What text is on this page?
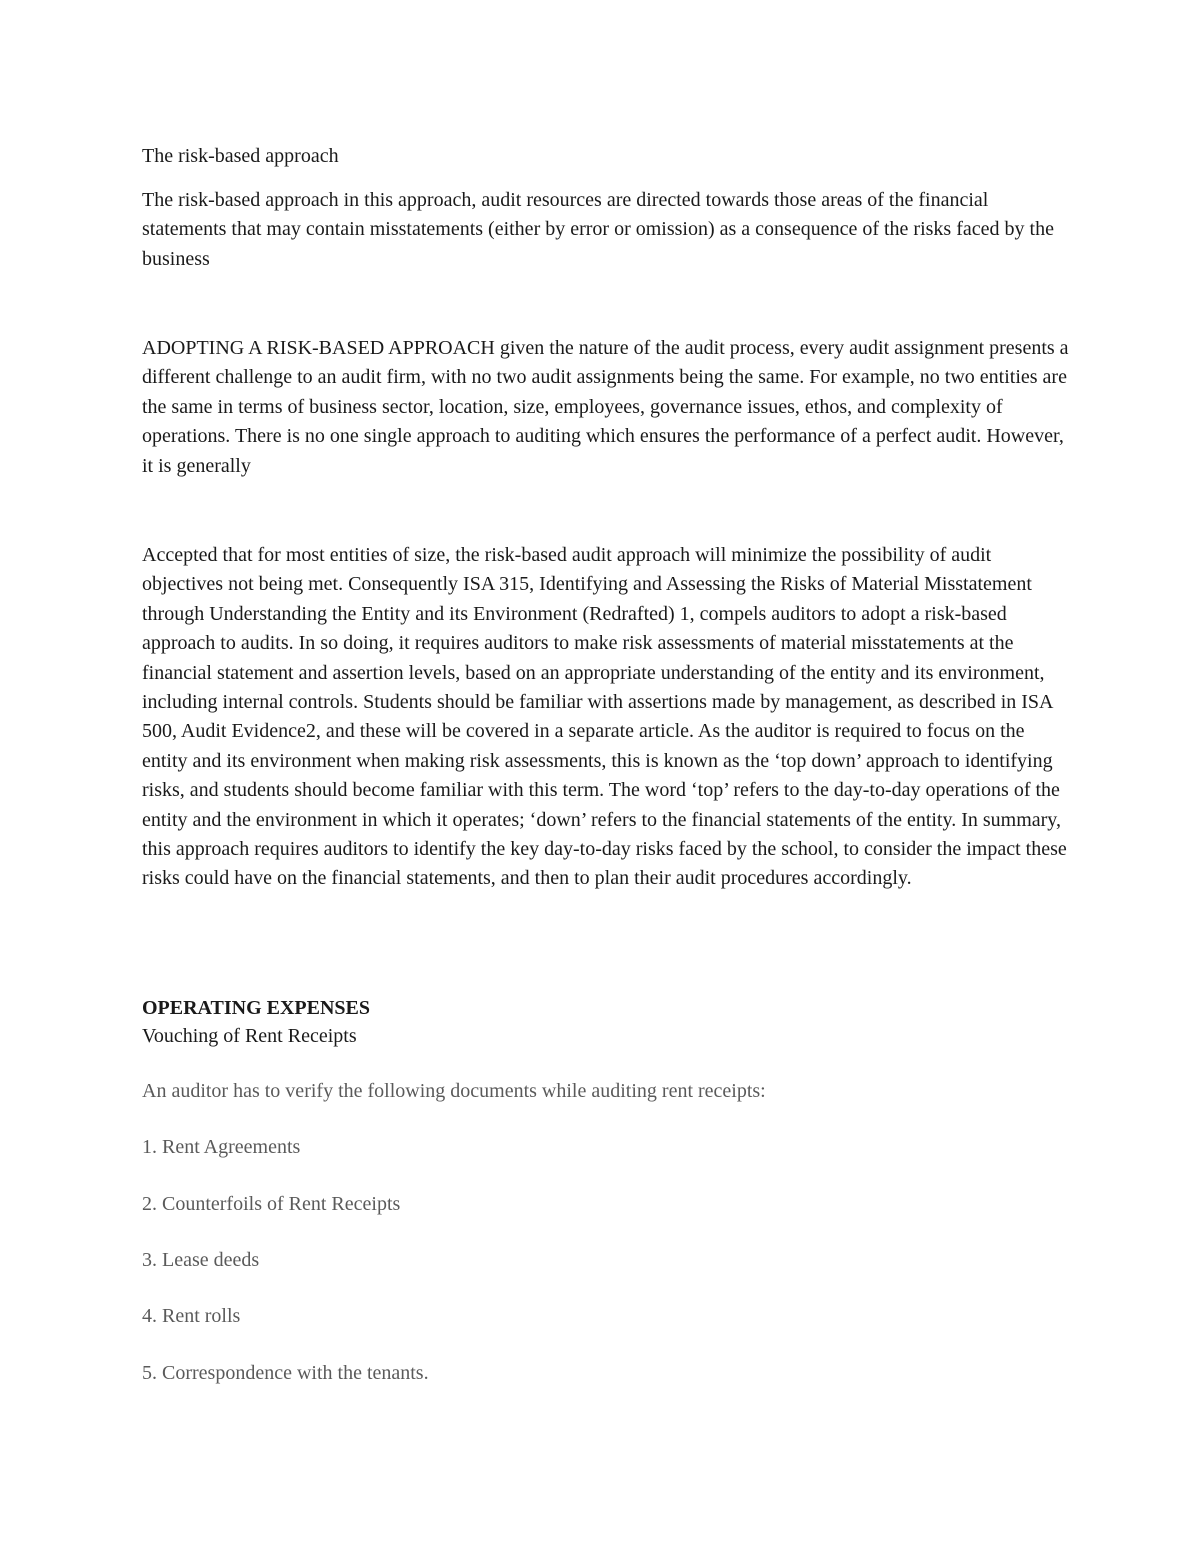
The risk-based approach

The risk-based approach in this approach, audit resources are directed towards those areas of the financial statements that may contain misstatements (either by error or omission) as a consequence of the risks faced by the business

ADOPTING A RISK-BASED APPROACH given the nature of the audit process, every audit assignment presents a different challenge to an audit firm, with no two audit assignments being the same. For example, no two entities are the same in terms of business sector, location, size, employees, governance issues, ethos, and complexity of operations. There is no one single approach to auditing which ensures the performance of a perfect audit. However, it is generally

Accepted that for most entities of size, the risk-based audit approach will minimize the possibility of audit objectives not being met. Consequently ISA 315, Identifying and Assessing the Risks of Material Misstatement through Understanding the Entity and its Environment (Redrafted) 1, compels auditors to adopt a risk-based approach to audits. In so doing, it requires auditors to make risk assessments of material misstatements at the financial statement and assertion levels, based on an appropriate understanding of the entity and its environment, including internal controls. Students should be familiar with assertions made by management, as described in ISA 500, Audit Evidence2, and these will be covered in a separate article. As the auditor is required to focus on the entity and its environment when making risk assessments, this is known as the ‘top down’ approach to identifying risks, and students should become familiar with this term. The word ‘top’ refers to the day-to-day operations of the entity and the environment in which it operates; ‘down’ refers to the financial statements of the entity. In summary, this approach requires auditors to identify the key day-to-day risks faced by the school, to consider the impact these risks could have on the financial statements, and then to plan their audit procedures accordingly.

OPERATING EXPENSES

Vouching of Rent Receipts

An auditor has to verify the following documents while auditing rent receipts:

1. Rent Agreements

2. Counterfoils of Rent Receipts

3. Lease deeds

4. Rent rolls

5. Correspondence with the tenants.
